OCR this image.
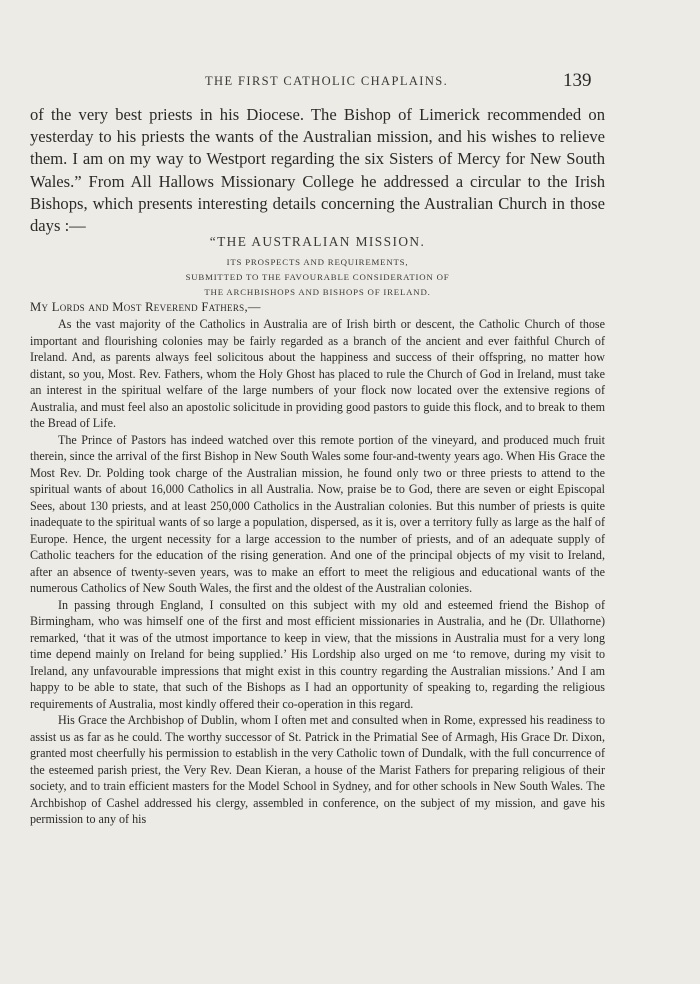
THE FIRST CATHOLIC CHAPLAINS.	139

of the very best priests in his Diocese. The Bishop of Limerick recommended on yesterday to his priests the wants of the Australian mission, and his wishes to relieve them. I am on my way to Westport regarding the six Sisters of Mercy for New South Wales.” From All Hallows Missionary College he addressed a circular to the Irish Bishops, which presents interesting details concerning the Australian Church in those days :—

“THE AUSTRALIAN MISSION.
ITS PROSPECTS AND REQUIREMENTS,
SUBMITTED TO THE FAVOURABLE CONSIDERATION OF
THE ARCHBISHOPS AND BISHOPS OF IRELAND.
My Lords and Most Reverend Fathers,—

As the vast majority of the Catholics in Australia are of Irish birth or descent, the Catholic Church of those important and flourishing colonies may be fairly regarded as a branch of the ancient and ever faithful Church of Ireland. And, as parents always feel solicitous about the happiness and success of their offspring, no matter how distant, so you, Most. Rev. Fathers, whom the Holy Ghost has placed to rule the Church of God in Ireland, must take an interest in the spiritual welfare of the large numbers of your flock now located over the extensive regions of Australia, and must feel also an apostolic solicitude in providing good pastors to guide this flock, and to break to them the Bread of Life.

The Prince of Pastors has indeed watched over this remote portion of the vineyard, and produced much fruit therein, since the arrival of the first Bishop in New South Wales some four-and-twenty years ago. When His Grace the Most Rev. Dr. Polding took charge of the Australian mission, he found only two or three priests to attend to the spiritual wants of about 16,000 Catholics in all Australia. Now, praise be to God, there are seven or eight Episcopal Sees, about 130 priests, and at least 250,000 Catholics in the Australian colonies. But this number of priests is quite inadequate to the spiritual wants of so large a population, dispersed, as it is, over a territory fully as large as the half of Europe. Hence, the urgent necessity for a large accession to the number of priests, and of an adequate supply of Catholic teachers for the education of the rising generation. And one of the principal objects of my visit to Ireland, after an absence of twenty-seven years, was to make an effort to meet the religious and educational wants of the numerous Catholics of New South Wales, the first and the oldest of the Australian colonies.

In passing through England, I consulted on this subject with my old and esteemed friend the Bishop of Birmingham, who was himself one of the first and most efficient missionaries in Australia, and he (Dr. Ullathorne) remarked, ‘that it was of the utmost importance to keep in view, that the missions in Australia must for a very long time depend mainly on Ireland for being supplied.’ His Lordship also urged on me ‘to remove, during my visit to Ireland, any unfavourable impressions that might exist in this country regarding the Australian missions.’ And I am happy to be able to state, that such of the Bishops as I had an opportunity of speaking to, regarding the religious requirements of Australia, most kindly offered their co-operation in this regard.

His Grace the Archbishop of Dublin, whom I often met and consulted when in Rome, expressed his readiness to assist us as far as he could. The worthy successor of St. Patrick in the Primatial See of Armagh, His Grace Dr. Dixon, granted most cheerfully his permission to establish in the very Catholic town of Dundalk, with the full concurrence of the esteemed parish priest, the Very Rev. Dean Kieran, a house of the Marist Fathers for preparing religious of their society, and to train efficient masters for the Model School in Sydney, and for other schools in New South Wales. The Archbishop of Cashel addressed his clergy, assembled in conference, on the subject of my mission, and gave his permission to any of his
